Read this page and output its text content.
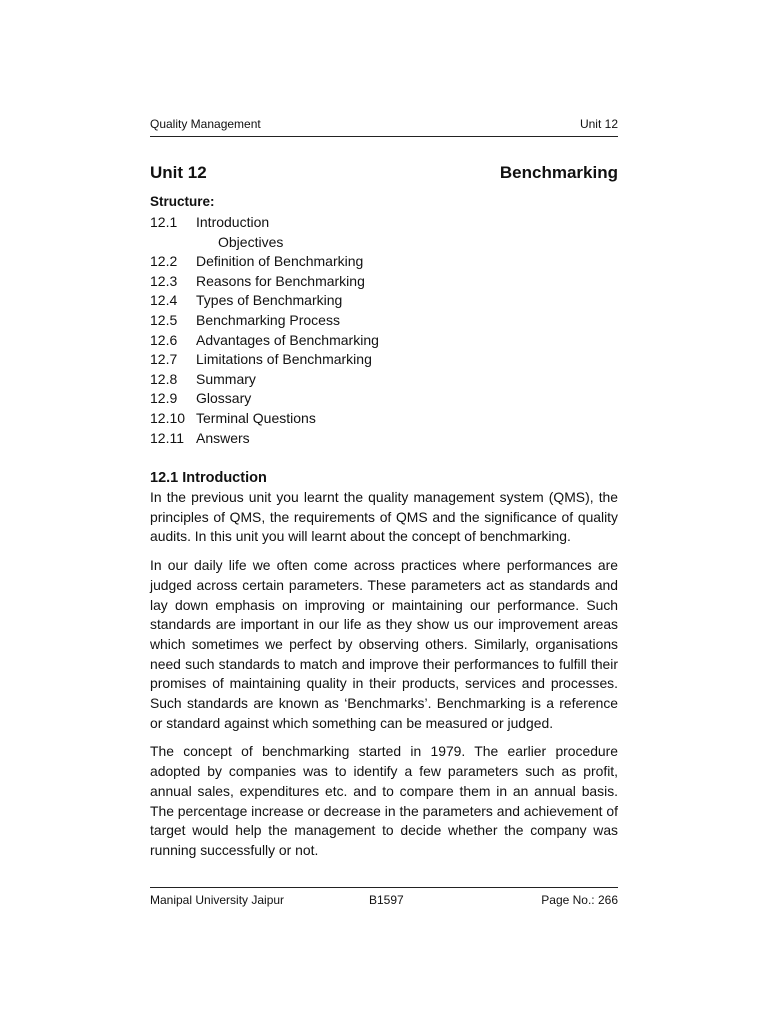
Quality Management	Unit 12
Unit 12	Benchmarking
Structure:
12.1 Introduction
Objectives
12.2 Definition of Benchmarking
12.3 Reasons for Benchmarking
12.4 Types of Benchmarking
12.5 Benchmarking Process
12.6 Advantages of Benchmarking
12.7 Limitations of Benchmarking
12.8 Summary
12.9 Glossary
12.10 Terminal Questions
12.11 Answers
12.1 Introduction

In the previous unit you learnt the quality management system (QMS), the principles of QMS, the requirements of QMS and the significance of quality audits. In this unit you will learnt about the concept of benchmarking.

In our daily life we often come across practices where performances are judged across certain parameters. These parameters act as standards and lay down emphasis on improving or maintaining our performance. Such standards are important in our life as they show us our improvement areas which sometimes we perfect by observing others. Similarly, organisations need such standards to match and improve their performances to fulfill their promises of maintaining quality in their products, services and processes. Such standards are known as ‘Benchmarks’. Benchmarking is a reference or standard against which something can be measured or judged.

The concept of benchmarking started in 1979. The earlier procedure adopted by companies was to identify a few parameters such as profit, annual sales, expenditures etc. and to compare them in an annual basis. The percentage increase or decrease in the parameters and achievement of target would help the management to decide whether the company was running successfully or not.

Manipal University Jaipur	B1597	Page No.: 266
